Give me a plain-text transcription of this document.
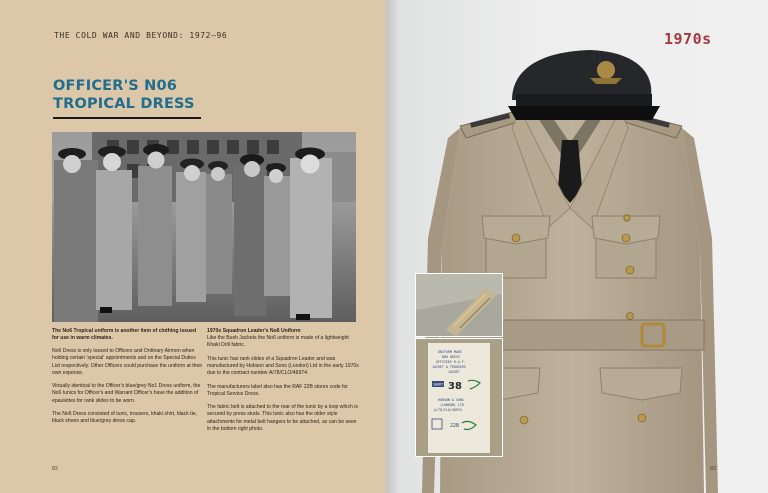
THE COLD WAR AND BEYOND: 1972–96
OFFICER'S N06
TROPICAL DRESS

The No6 Tropical uniform is another item of clothing issued for use in warm climates.

No6 Dress is only issued to Officers and Ordinary Airmen when holding certain 'special' appointments and on the Special Duties List respectively. Other Officers could purchase the uniform at their own expense.

Virtually identical to the Officer's blue/grey No1 Dress uniform, the No6 tunics for Officer's and Warrant Officer's have the addition of epaulettes for rank slides to be worn.

The No6 Dress consisted of tunic, trousers, khaki shirt, black tie, black shoes and blue/grey dress cap.

1970s Squadron Leader's No6 Uniform

Like the Bush Jackets the No6 uniform is made of a lightweight Khaki Drill fabric.

This tunic has rank slides of a Squadron Leader and was manufactured by Hobson and Sons (London) Ltd in the early 1970s due to the contract number A/78/CLO/46974.

The manufacturers label also has the RAF 22B stores code for Tropical Service Dress.

The fabric belt is attached to the rear of the tunic by a loop which is secured by press studs. This tunic also has the older style attachments for metal belt hangers to be attached, as can be seen in the bottom right photo.

82
1970s
UNIFORM MAKE
N06 DRESS
OFFICERS R.A.F.
JACKET & TROUSERS
JACKET
SHORT 38
HOBSON & SONS
(LONDON) LTD
A/78/CLO/46974
22B
83
